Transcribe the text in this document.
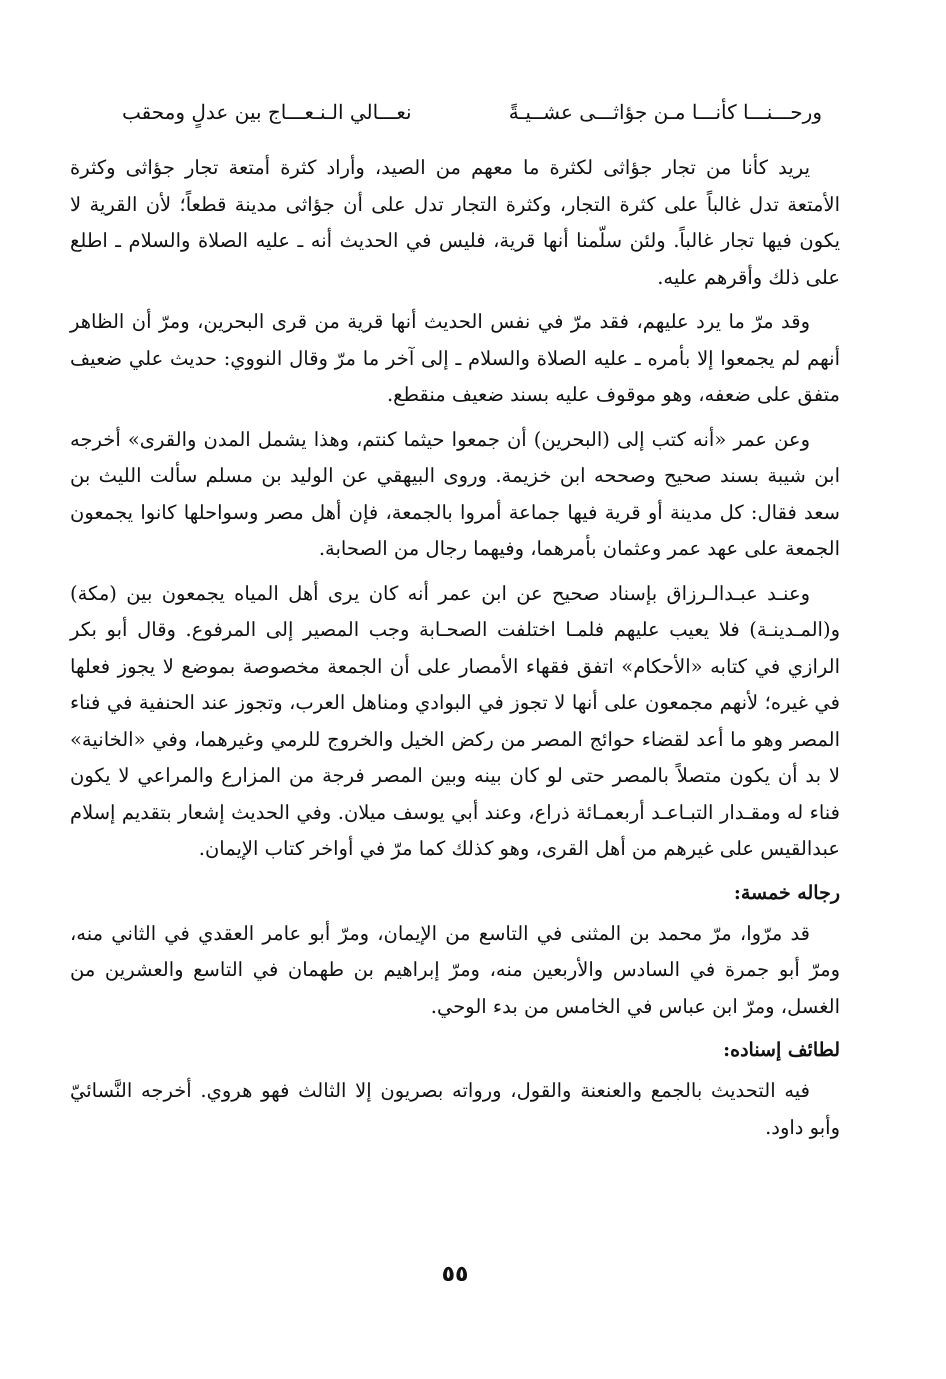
ورحـــنـــا كأنـــا مـن جؤاثـــى عشــيـةً
نعـــالي الـنـعـــاج بين عدلٍ ومحقب

يريد كأنا من تجار جؤاثى لكثرة ما معهم من الصيد، وأراد كثرة أمتعة تجار جؤاثى وكثرة الأمتعة تدل غالباً على كثرة التجار، وكثرة التجار تدل على أن جؤاثى مدينة قطعاً؛ لأن القرية لا يكون فيها تجار غالباً. ولئن سلّمنا أنها قرية، فليس في الحديث أنه ـ عليه الصلاة والسلام ـ اطلع على ذلك وأقرهم عليه.

وقد مرّ ما يرد عليهم، فقد مرّ في نفس الحديث أنها قرية من قرى البحرين، ومرّ أن الظاهر أنهم لم يجمعوا إلا بأمره ـ عليه الصلاة والسلام ـ إلى آخر ما مرّ وقال النووي: حديث علي ضعيف متفق على ضعفه، وهو موقوف عليه بسند ضعيف منقطع.

وعن عمر «أنه كتب إلى (البحرين) أن جمعوا حيثما كنتم، وهذا يشمل المدن والقرى» أخرجه ابن شيبة بسند صحيح وصححه ابن خزيمة. وروى البيهقي عن الوليد بن مسلم سألت الليث بن سعد فقال: كل مدينة أو قرية فيها جماعة أمروا بالجمعة، فإن أهل مصر وسواحلها كانوا يجمعون الجمعة على عهد عمر وعثمان بأمرهما، وفيهما رجال من الصحابة.

وعنـد عبـدالـرزاق بإسناد صحيح عن ابن عمر أنه كان يرى أهل المياه يجمعون بين (مكة) و(المـدينـة) فلا يعيب عليهم فلمـا اختلفت الصحـابة وجب المصير إلى المرفوع. وقال أبو بكر الرازي في كتابه «الأحكام» اتفق فقهاء الأمصار على أن الجمعة مخصوصة بموضع لا يجوز فعلها في غيره؛ لأنهم مجمعون على أنها لا تجوز في البوادي ومناهل العرب، وتجوز عند الحنفية في فناء المصر وهو ما أعد لقضاء حوائج المصر من ركض الخيل والخروج للرمي وغيرهما، وفي «الخانية» لا بد أن يكون متصلاً بالمصر حتى لو كان بينه وبين المصر فرجة من المزارع والمراعي لا يكون فناء له ومقـدار التبـاعـد أربعمـائة ذراع، وعند أبي يوسف ميلان. وفي الحديث إشعار بتقديم إسلام عبدالقيس على غيرهم من أهل القرى، وهو كذلك كما مرّ في أواخر كتاب الإيمان.

رجاله خمسة:

قد مرّوا، مرّ محمد بن المثنى في التاسع من الإيمان، ومرّ أبو عامر العقدي في الثاني منه، ومرّ أبو جمرة في السادس والأربعين منه، ومرّ إبراهيم بن طهمان في التاسع والعشرين من الغسل، ومرّ ابن عباس في الخامس من بدء الوحي.

لطائف إسناده:

فيه التحديث بالجمع والعنعنة والقول، ورواته بصريون إلا الثالث فهو هروي. أخرجه النَّسائيّ وأبو داود.

٥٥
